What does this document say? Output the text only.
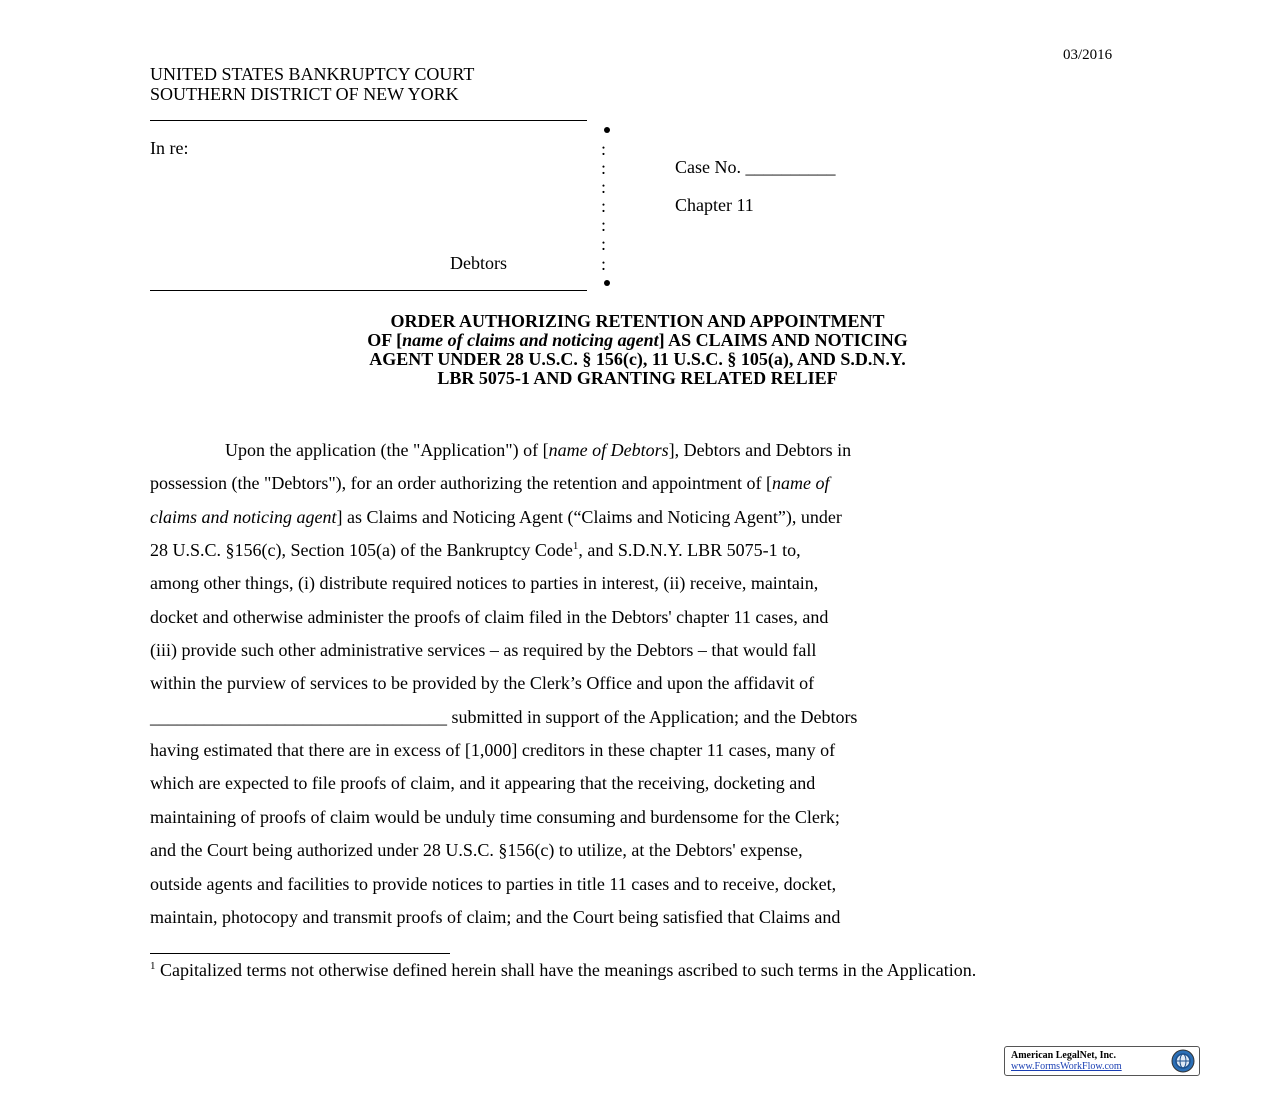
03/2016
UNITED STATES BANKRUPTCY COURT
SOUTHERN DISTRICT OF NEW YORK
:
:
:
:
:
:
:
In re:
Case No. __________
Chapter 11
Debtors
ORDER AUTHORIZING RETENTION AND APPOINTMENT
OF [name of claims and noticing agent] AS CLAIMS AND NOTICING
AGENT UNDER 28 U.S.C. § 156(c), 11 U.S.C. § 105(a), AND S.D.N.Y.
LBR 5075-1 AND GRANTING RELATED RELIEF
Upon the application (the "Application") of [name of Debtors], Debtors and Debtors in
possession (the "Debtors"), for an order authorizing the retention and appointment of [name of
claims and noticing agent] as Claims and Noticing Agent (“Claims and Noticing Agent”), under
28 U.S.C. §156(c), Section 105(a) of the Bankruptcy Code$^1$, and S.D.N.Y. LBR 5075-1 to,
among other things, (i) distribute required notices to parties in interest, (ii) receive, maintain,
docket and otherwise administer the proofs of claim filed in the Debtors' chapter 11 cases, and
(iii) provide such other administrative services – as required by the Debtors – that would fall
within the purview of services to be provided by the Clerk’s Office and upon the affidavit of
_________________________________ submitted in support of the Application; and the Debtors
having estimated that there are in excess of [1,000] creditors in these chapter 11 cases, many of
which are expected to file proofs of claim, and it appearing that the receiving, docketing and
maintaining of proofs of claim would be unduly time consuming and burdensome for the Clerk;
and the Court being authorized under 28 U.S.C. §156(c) to utilize, at the Debtors' expense,
outside agents and facilities to provide notices to parties in title 11 cases and to receive, docket,
maintain, photocopy and transmit proofs of claim; and the Court being satisfied that Claims and
$^1$ Capitalized terms not otherwise defined herein shall have the meanings ascribed to such terms in the Application.
American LegalNet, Inc.
www.FormsWorkFlow.com
